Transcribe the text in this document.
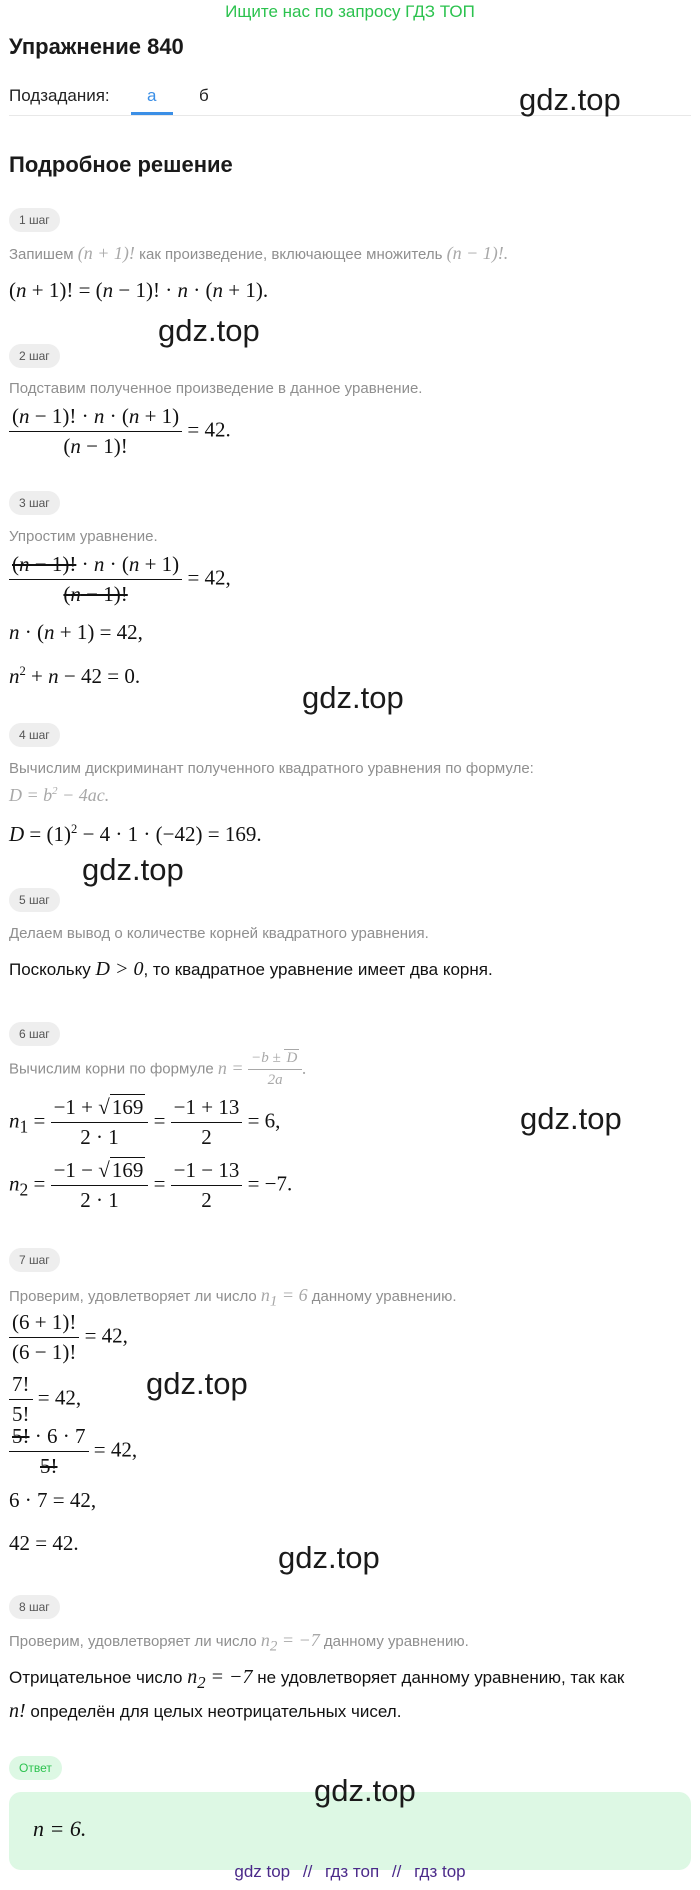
Ищите нас по запросу ГДЗ ТОП
Упражнение 840
Подзадания: а	б	gdz.top
Подробное решение
1 шаг
Запишем (n + 1)! как произведение, включающее множитель (n − 1)!.
(n + 1)! = (n − 1)! · n · (n + 1).
gdz.top
2 шаг
Подставим полученное произведение в данное уравнение.
$\frac{(n - 1)! \cdot n \cdot (n + 1)}{(n - 1)!} = 42$.
3 шаг
Упростим уравнение.
$\frac{(n - 1)! \cdot n \cdot (n + 1)}{(n - 1)!} = 42$,
n · (n + 1) = 42,
$n^2 + n - 42 = 0$.
gdz.top
4 шаг
Вычислим дискриминант полученного квадратного уравнения по формуле:
$D = b^2 - 4ac$.
$D = (1)^2 - 4 \cdot 1 \cdot (-42) = 169$.
gdz.top
5 шаг
Делаем вывод о количестве корней квадратного уравнения.
Поскольку D > 0, то квадратное уравнение имеет два корня.
6 шаг
Вычислим корни по формуле $n = \frac{-b \pm D}{2a}$ .
$n_1 = \frac{-1 + √169}{2 \cdot 1} = \frac{-1 + 13}{2} = 6$,	gdz.top
$n_2 = \frac{-1 - √169}{2 \cdot 1} = \frac{-1 - 13}{2} = -7$.
7 шаг
Проверим, удовлетворяет ли число $n_1 = 6$ данному уравнению.
$\frac{(6 + 1)!}{(6 - 1)!} = 42$,
gdz.top
$\frac{7!}{5!} = 42$,
$\frac{5! \cdot 6 \cdot 7}{5!} = 42$,
6 · 7 = 42,
42 = 42.	gdz.top
8 шаг
Проверим, удовлетворяет ли число $n_2 = -7$ данному уравнению.
Отрицательное число $n_2 = -7$ не удовлетворяет данному уравнению, так как
n! определён для целых неотрицательных чисел.
Ответ
n = 6.
gdz.top
gdz top // гдз топ // гдз top
